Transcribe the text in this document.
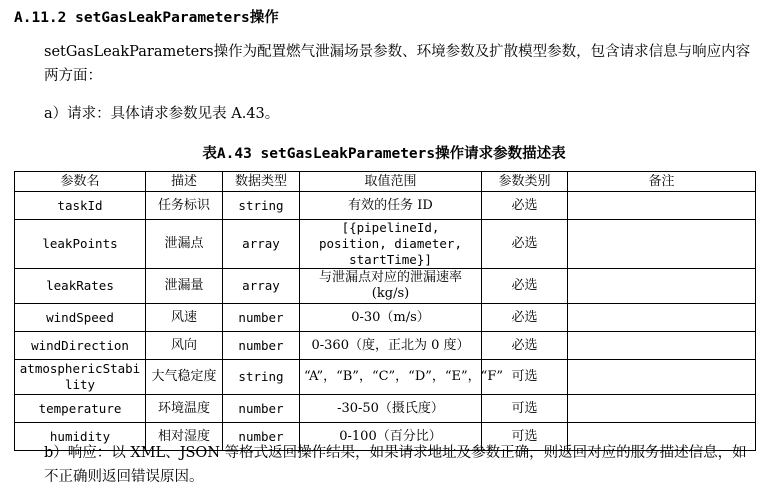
A.11.2 setGasLeakParameters操作
setGasLeakParameters操作为配置燃气泄漏场景参数、环境参数及扩散模型参数，包含请求信息与响应内容两方面：
a）请求：具体请求参数见表 A.43。
表A.43 setGasLeakParameters操作请求参数描述表
参数名	描述	数据类型	取值范围	参数类别	备注
taskId	任务标识	string	有效的任务 ID	必选	
leakPoints	泄漏点	array	[{pipelineId, position, diameter, startTime}]	必选	
leakRates	泄漏量	array	与泄漏点对应的泄漏速率(kg/s)	必选	
windSpeed	风速	number	0-30（m/s）	必选	
windDirection	风向	number	0-360（度，正北为 0 度）	必选	
atmosphericStability	大气稳定度	string	“A”，“B”，“C”，“D”，“E”，“F”	可选	
temperature	环境温度	number	-30-50（摄氏度）	可选	
humidity	相对湿度	number	0-100（百分比）	可选	
b）响应：以 XML、JSON 等格式返回操作结果，如果请求地址及参数正确，则返回对应的服务描述信息，如不正确则返回错误原因。
